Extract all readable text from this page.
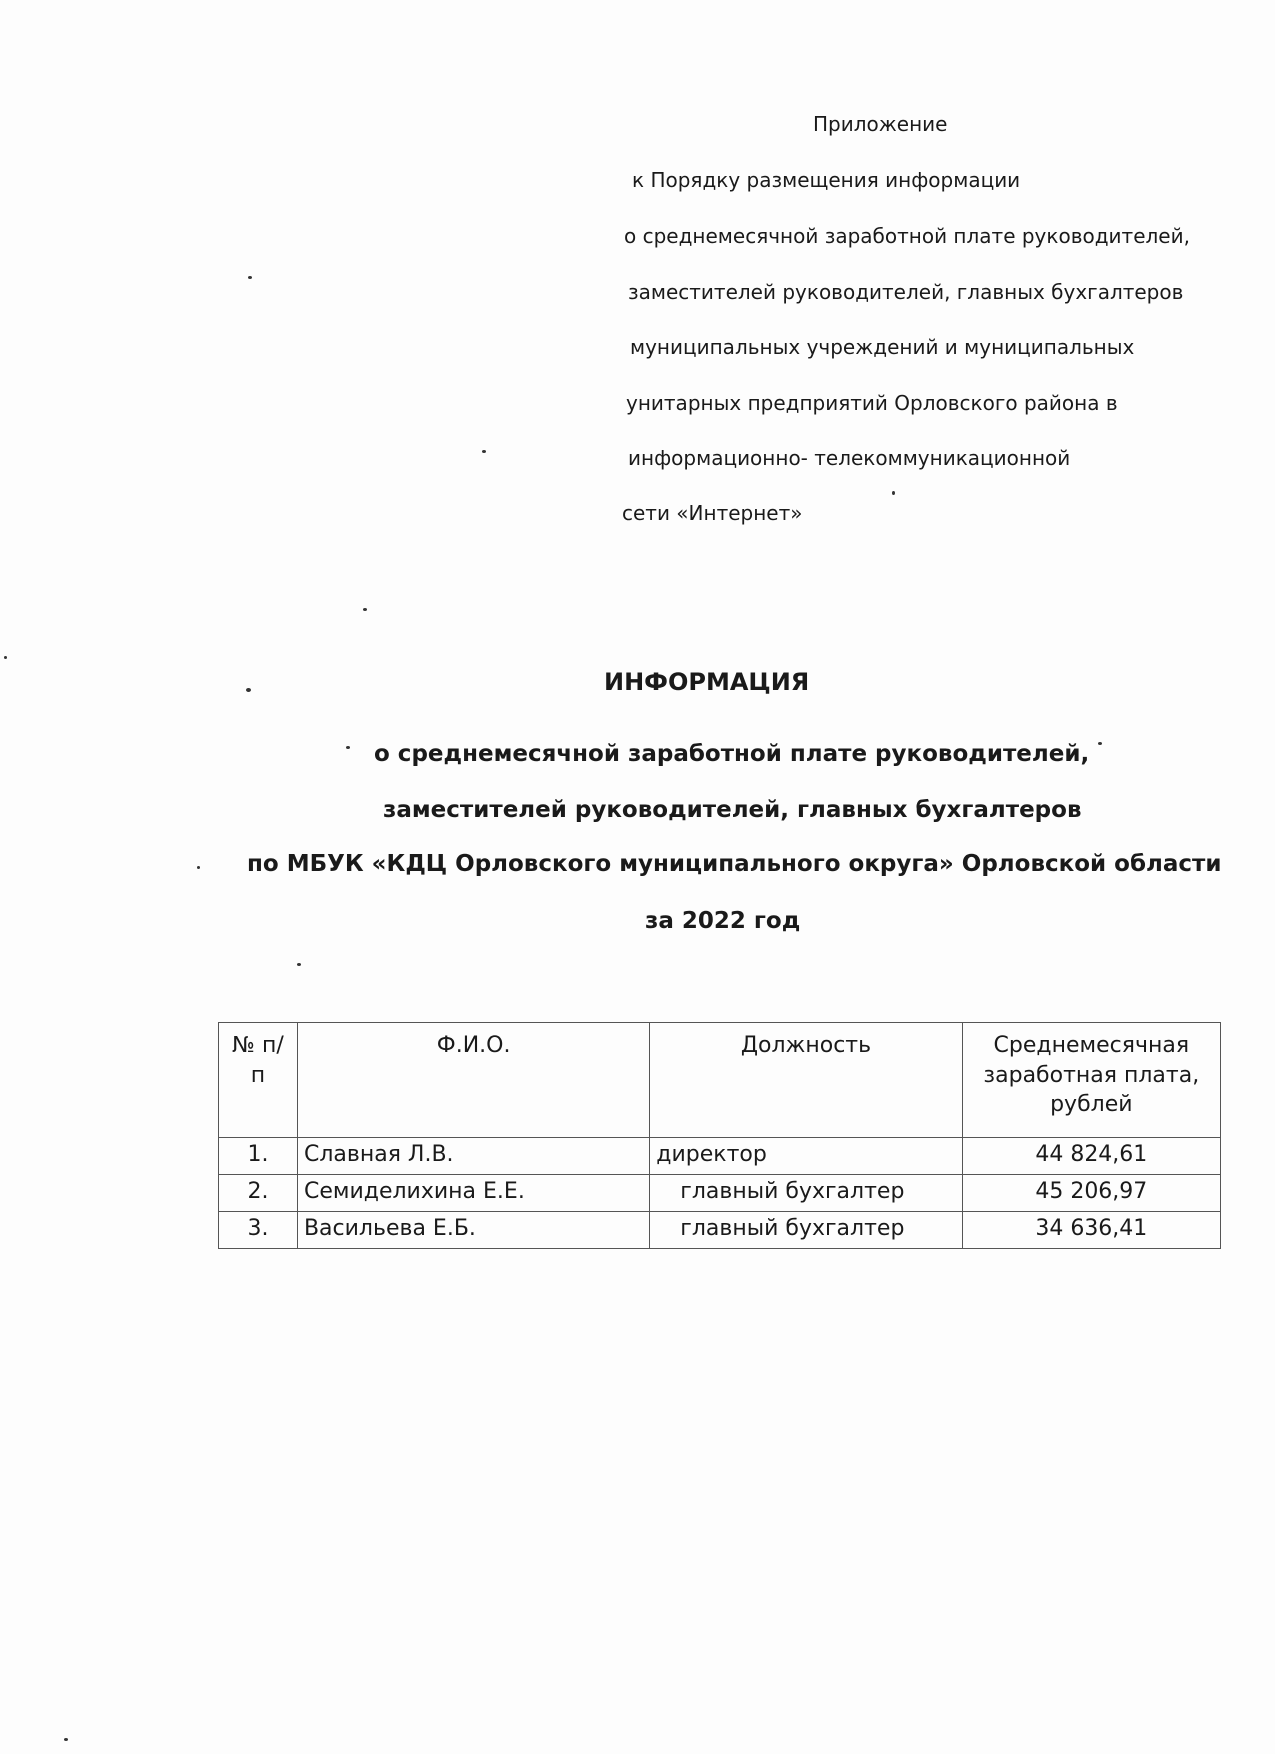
Приложение
к Порядку размещения информации
о среднемесячной заработной плате руководителей,
заместителей руководителей, главных бухгалтеров
муниципальных учреждений и муниципальных
унитарных предприятий Орловского района в
информационно- телекоммуникационной
сети «Интернет»
ИНФОРМАЦИЯ
о среднемесячной заработной плате руководителей,
заместителей руководителей, главных бухгалтеров
по МБУК «КДЦ Орловского муниципального округа» Орловской области
за 2022 год
№ п/п	Ф.И.О.	Должность	Среднемесячная заработная плата, рублей
1.	Славная Л.В.	директор	44 824,61
2.	Семиделихина Е.Е.	главный бухгалтер	45 206,97
3.	Васильева Е.Б.	главный бухгалтер	34 636,41
